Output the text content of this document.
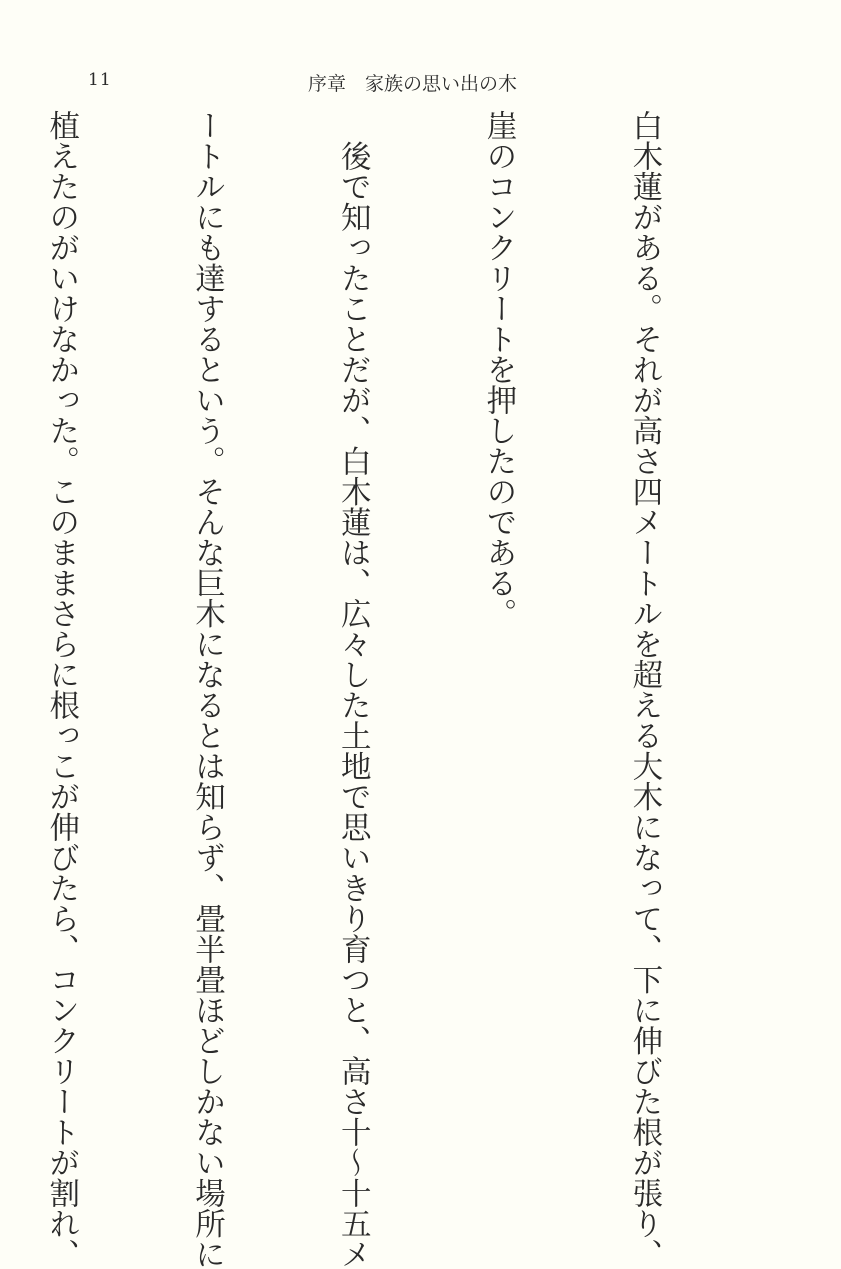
11	序章　家族の思い出の木

白木蓮がある。それが高さ四メートルを超える大木になって、下に伸びた根が張り、

崖のコンクリートを押したのである。

　後で知ったことだが、白木蓮は、広々した土地で思いきり育つと、高さ十〜十五メ

ートルにも達するという。そんな巨木になるとは知らず、畳半畳ほどしかない場所に

植えたのがいけなかった。このままさらに根っこが伸びたら、コンクリートが割れ、
